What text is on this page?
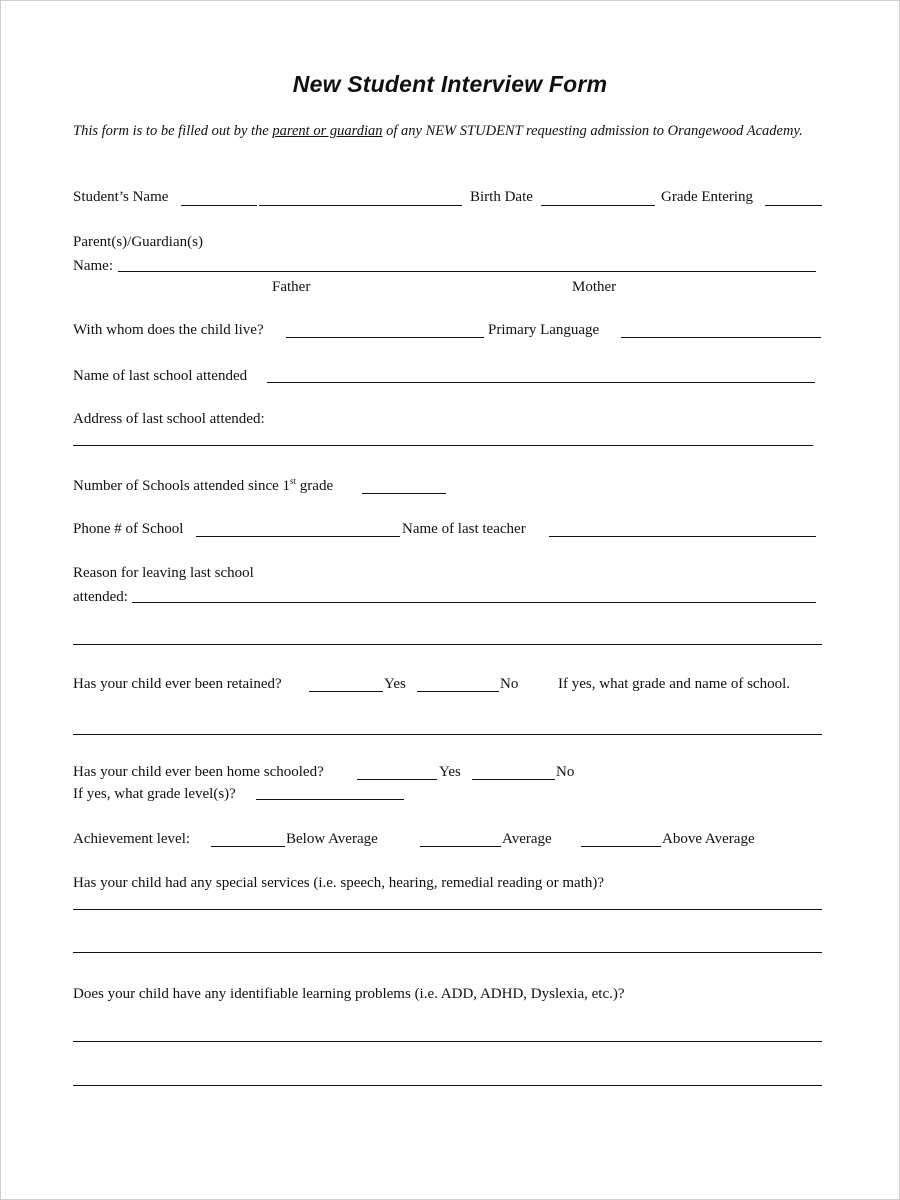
New Student Interview Form
This form is to be filled out by the parent or guardian of any NEW STUDENT requesting admission to Orangewood Academy.
Student’s Name	Birth Date	Grade Entering
Parent(s)/Guardian(s)
Name:
Father	Mother
With whom does the child live?	Primary Language
Name of last school attended
Address of last school attended:
Number of Schools attended since 1st grade
Phone # of School	Name of last teacher
Reason for leaving last school
attended:
Has your child ever been retained?	Yes	No	If yes, what grade and name of school.
Has your child ever been home schooled?	Yes	No
If yes, what grade level(s)?
Achievement level:	Below Average	Average	Above Average
Has your child had any special services (i.e. speech, hearing, remedial reading or math)?
Does your child have any identifiable learning problems (i.e. ADD, ADHD, Dyslexia, etc.)?
